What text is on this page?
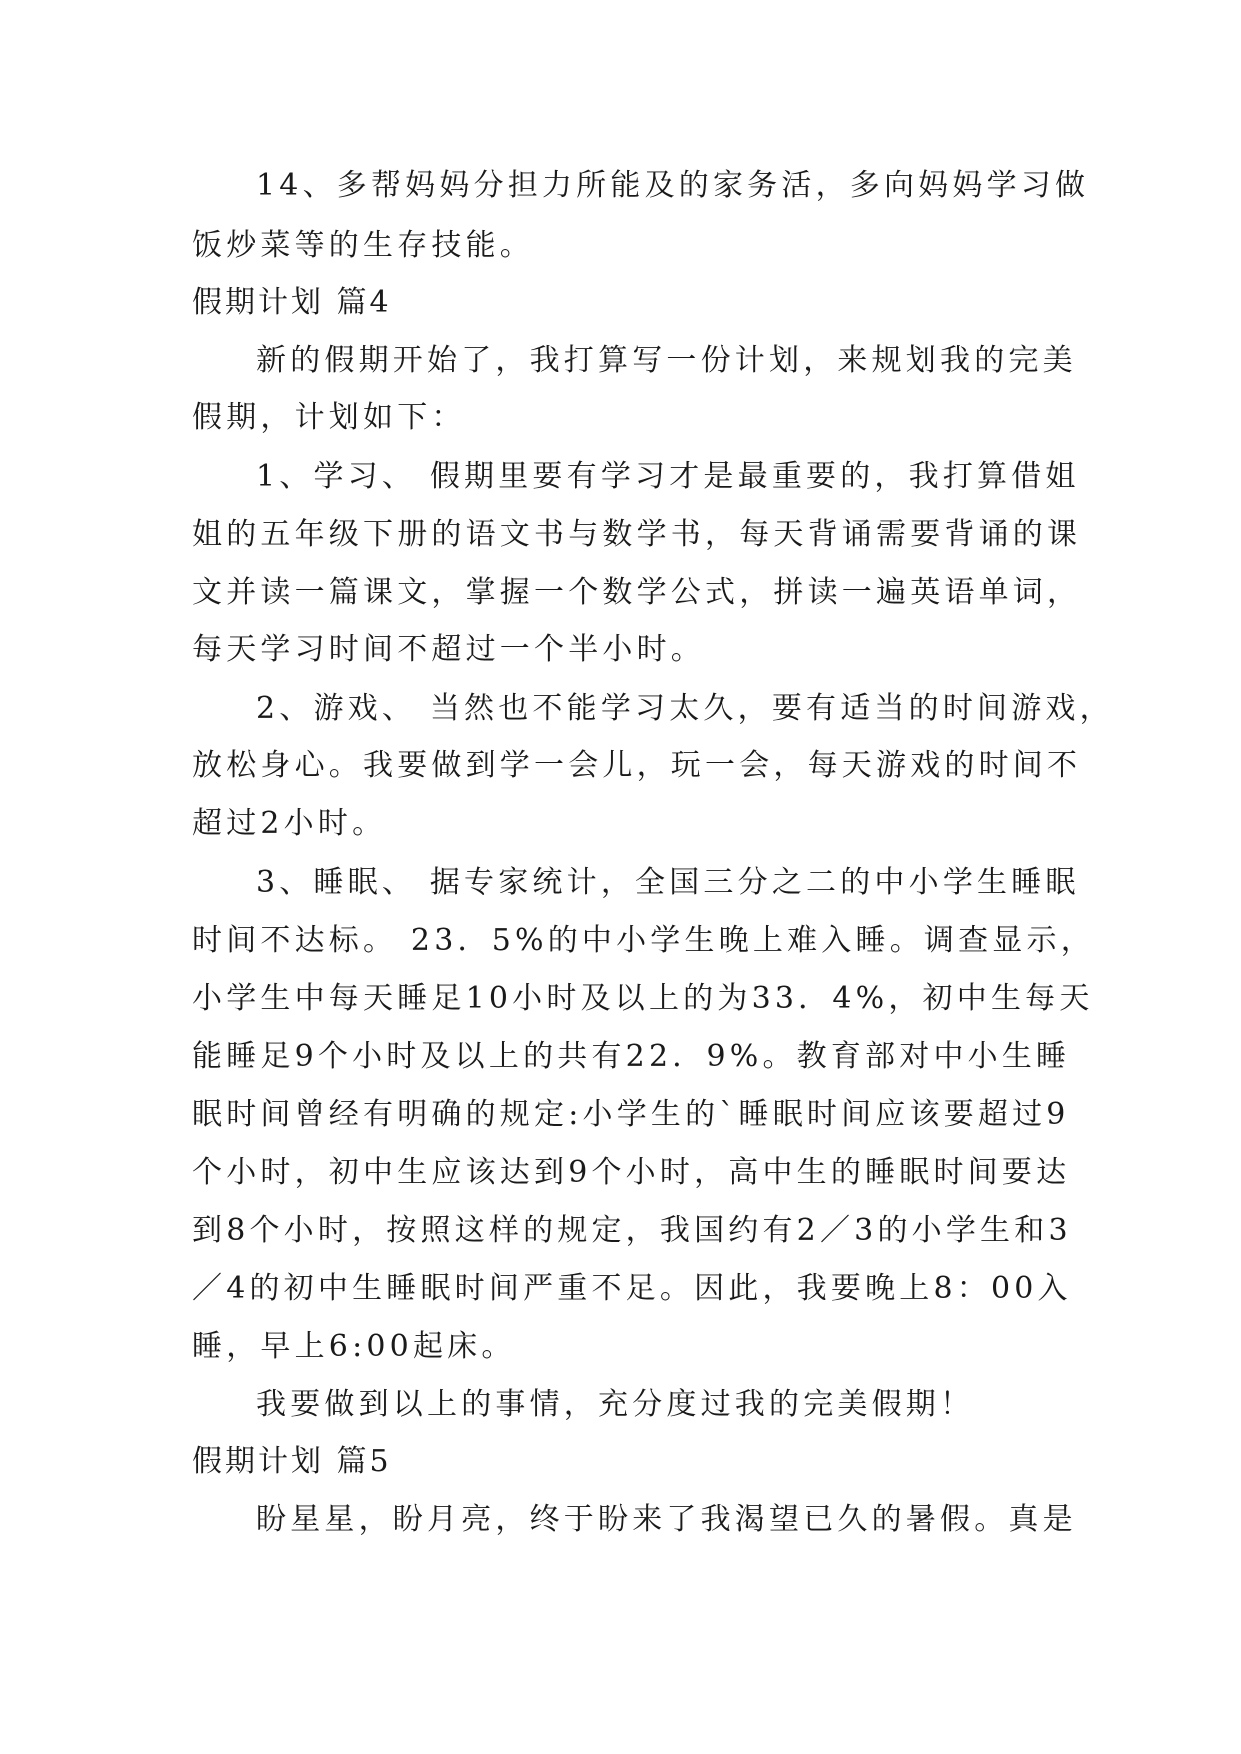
14、多帮妈妈分担力所能及的家务活，多向妈妈学习做
饭炒菜等的生存技能。
假期计划 篇4
新的假期开始了，我打算写一份计划，来规划我的完美
假期，计划如下：
1、学习、 假期里要有学习才是最重要的，我打算借姐
姐的五年级下册的语文书与数学书，每天背诵需要背诵的课
文并读一篇课文，掌握一个数学公式，拼读一遍英语单词，
每天学习时间不超过一个半小时。
2、游戏、 当然也不能学习太久，要有适当的时间游戏，
放松身心。我要做到学一会儿，玩一会，每天游戏的时间不
超过2小时。
3、睡眠、 据专家统计，全国三分之二的中小学生睡眠
时间不达标。 23．5%的中小学生晚上难入睡。调查显示，
小学生中每天睡足10小时及以上的为33．4%，初中生每天
能睡足9个小时及以上的共有22．9%。教育部对中小生睡
眠时间曾经有明确的规定:小学生的`睡眠时间应该要超过9
个小时，初中生应该达到9个小时，高中生的睡眠时间要达
到8个小时，按照这样的规定，我国约有2／3的小学生和3
／4的初中生睡眠时间严重不足。因此，我要晚上8：00入
睡，早上6:00起床。
我要做到以上的事情，充分度过我的完美假期！
假期计划 篇5
盼星星，盼月亮，终于盼来了我渴望已久的暑假。真是
